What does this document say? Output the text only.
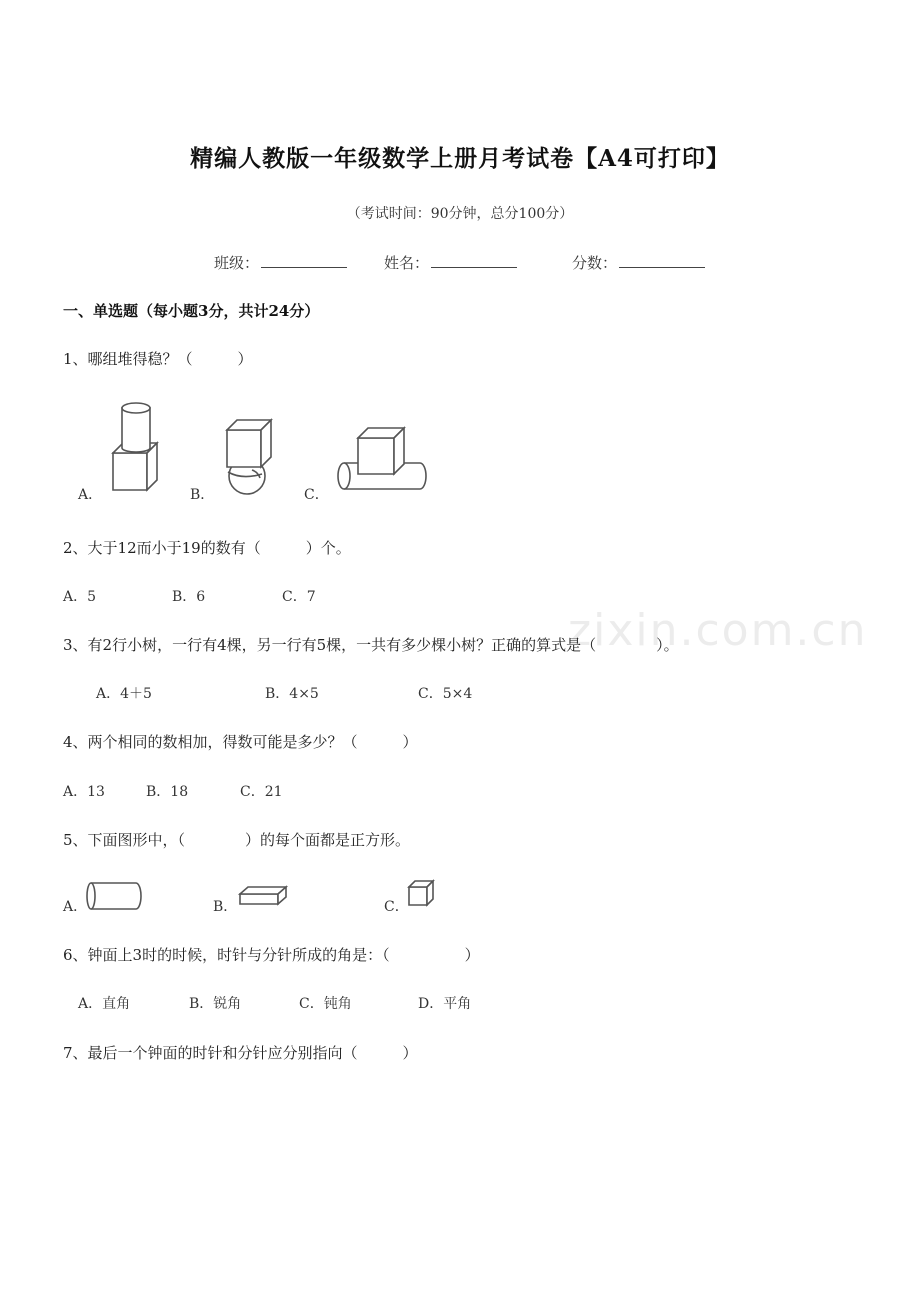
精编人教版一年级数学上册月考试卷【A4可打印】
（考试时间：90分钟，总分100分）
班级：	姓名：	分数：
zixin.com.cn
一、单选题（每小题3分，共计24分）
1、哪组堆得稳？（　　　）
A．	B．	C．
2、大于12而小于19的数有（　　　）个。
A．5	B．6	C．7
3、有2行小树，一行有4棵，另一行有5棵，一共有多少棵小树？正确的算式是（　　　　）。
A．4＋5	B．4×5	C．5×4
4、两个相同的数相加，得数可能是多少？（　　　）
A．13	B．18	C．21
5、下面图形中，（　　　　）的每个面都是正方形。
A．	B．	C．
6、钟面上3时的时候，时针与分针所成的角是：（　　　　　）
A．直角	B．锐角	C．钝角	D．平角
7、最后一个钟面的时针和分针应分别指向（　　　）
